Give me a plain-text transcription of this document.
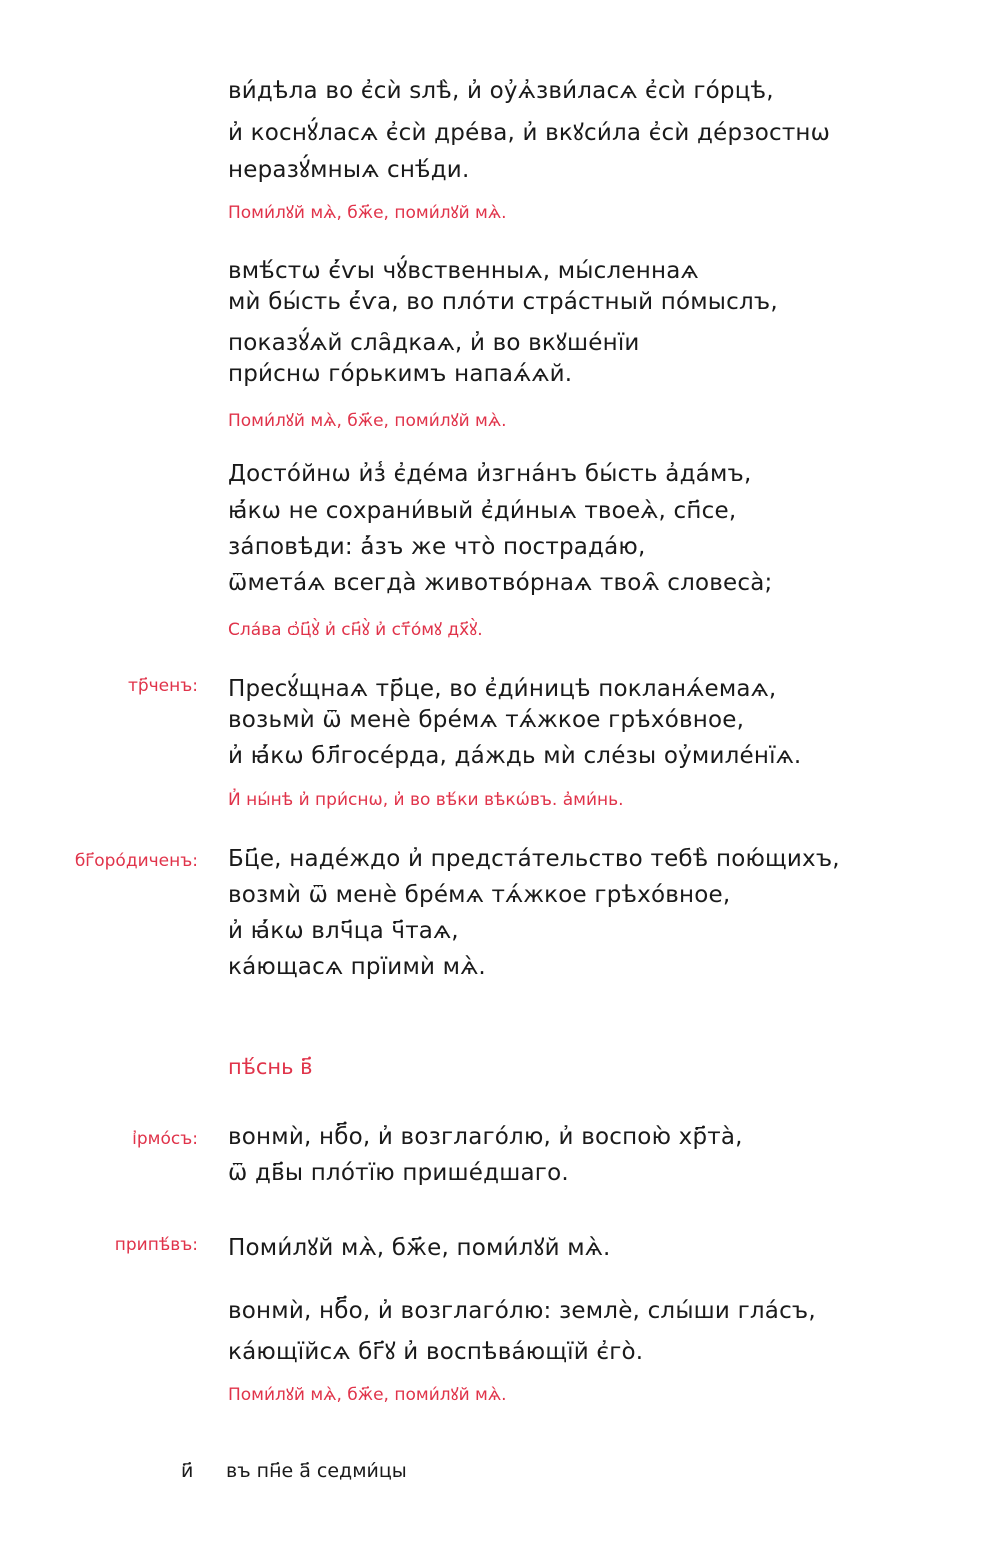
ви́дѣла во є҆сѝ ѕлѣ̀, и҆ оу҆ѧ҆зви́ласѧ є҆сѝ го́рцѣ,
и҆ коснꙋ́ласѧ є҆сѝ дре́ва, и҆ вкꙋси́ла є҆сѝ де́рзостнѡ
неразꙋ́мныѧ снѣ́ди.
Поми́лꙋй мѧ̀, бж҃е, поми́лꙋй мѧ̀.
вмѣ́стѡ є҆́ѵы чꙋ́вственныѧ, мы́сленнаѧ
мѝ бы́сть є҆́ѵа, во пло́ти стра́стный по́мыслъ,
показꙋ́ѧй сла̑дкаѧ, и҆ во вкꙋше́нїи
при́снѡ го́рькимъ напаѧ́ѧй.
Поми́лꙋй мѧ̀, бж҃е, поми́лꙋй мѧ̀.
Досто́йнѡ и҆з̾ є҆де́ма и҆згна́нъ бы́сть а҆да́мъ,
ꙗ҆́кѡ не сохрани́вый є҆ди́ныѧ твоеѧ̀, сп҃се,
за́повѣди: а҆́зъ же что̀ пострада́ю,
ѿмета́ѧ всегда̀ животво́рнаѧ твоѧ̑ словеса̀;
Сла́ва ѻ҆ц҃ꙋ̀ и҆ сн҃ꙋ̀ и҆ ст҃о́мꙋ дх҃ꙋ̀.
тр҃ченъ: Пресꙋ́щнаѧ тр҃це, во є҆ди́ницѣ покланѧ́емаѧ,
возьмѝ ѿ менѐ бре́мѧ тѧ́жкое грѣхо́вное,
и҆ ꙗ҆́кѡ бл҃госе́рда, да́ждь мѝ сле́зы оу҆миле́нїѧ.
И҆ ны́нѣ и҆ при́снѡ, и҆ во вѣ́ки вѣкѡ́въ. а҆ми́нь.
бг҃оро́диченъ: Бц҃е, наде́ждо и҆ предста́тельство тебѣ̀ пою́щихъ,
возмѝ ѿ менѐ бре́мѧ тѧ́жкое грѣхо́вное,
и҆ ꙗ҆́кѡ влч҃ца ч҃таѧ,
ка́ющасѧ прїимѝ мѧ̀.
пѣ́снь в҃
і҆рмо́съ: вонмѝ, нб҃о, и҆ возглаго́лю, и҆ воспою̀ хр҃та̀,
ѿ дв҃ы пло́тїю прише́дшаго.
припѣ́въ: Поми́лꙋй мѧ̀, бж҃е, поми́лꙋй мѧ̀.
вонмѝ, нб҃о, и҆ возглаго́лю: землѐ, слы́ши гла́съ,
ка́ющїйсѧ бг҃ꙋ и҆ воспѣва́ющїй є҆го̀.
Поми́лꙋй мѧ̀, бж҃е, поми́лꙋй мѧ̀.
и҃ въ пн҃е а҃ седми́цы
